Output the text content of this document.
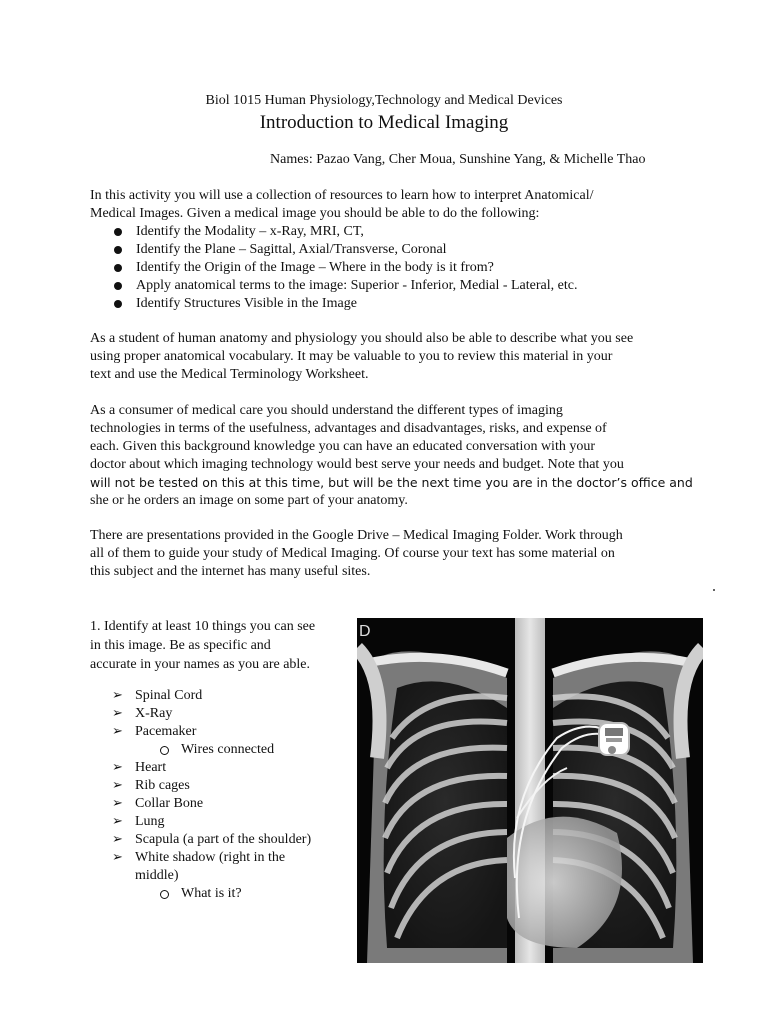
Biol 1015 Human Physiology,Technology and Medical Devices
Introduction to Medical Imaging
Names: Pazao Vang, Cher Moua, Sunshine Yang, & Michelle Thao
In this activity you will use a collection of resources to learn how to interpret Anatomical/
Medical Images. Given a medical image you should be able to do the following:
Identify the Modality – x-Ray, MRI, CT,
Identify the Plane – Sagittal, Axial/Transverse, Coronal
Identify the Origin of the Image – Where in the body is it from?
Apply anatomical terms to the image: Superior - Inferior, Medial - Lateral, etc.
Identify Structures Visible in the Image
As a student of human anatomy and physiology you should also be able to describe what you see
using proper anatomical vocabulary. It may be valuable to you to review this material in your
text and use the Medical Terminology Worksheet.
As a consumer of medical care you should understand the different types of imaging
technologies in terms of the usefulness, advantages and disadvantages, risks, and expense of
each. Given this background knowledge you can have an educated conversation with your
doctor about which imaging technology would best serve your needs and budget. Note that you
will not be tested on this at this time, but will be the next time you are in the doctor’s office and
she or he orders an image on some part of your anatomy.
There are presentations provided in the Google Drive – Medical Imaging Folder. Work through
all of them to guide your study of Medical Imaging. Of course your text has some material on
this subject and the internet has many useful sites.
1. Identify at least 10 things you can see
in this image. Be as specific and
accurate in your names as you are able.
➢ Spinal Cord
➢ X-Ray
➢ Pacemaker
Wires connected
➢ Heart
➢ Rib cages
➢ Collar Bone
➢ Lung
➢ Scapula (a part of the shoulder)
➢ White shadow (right in the
middle)
What is it?
D
